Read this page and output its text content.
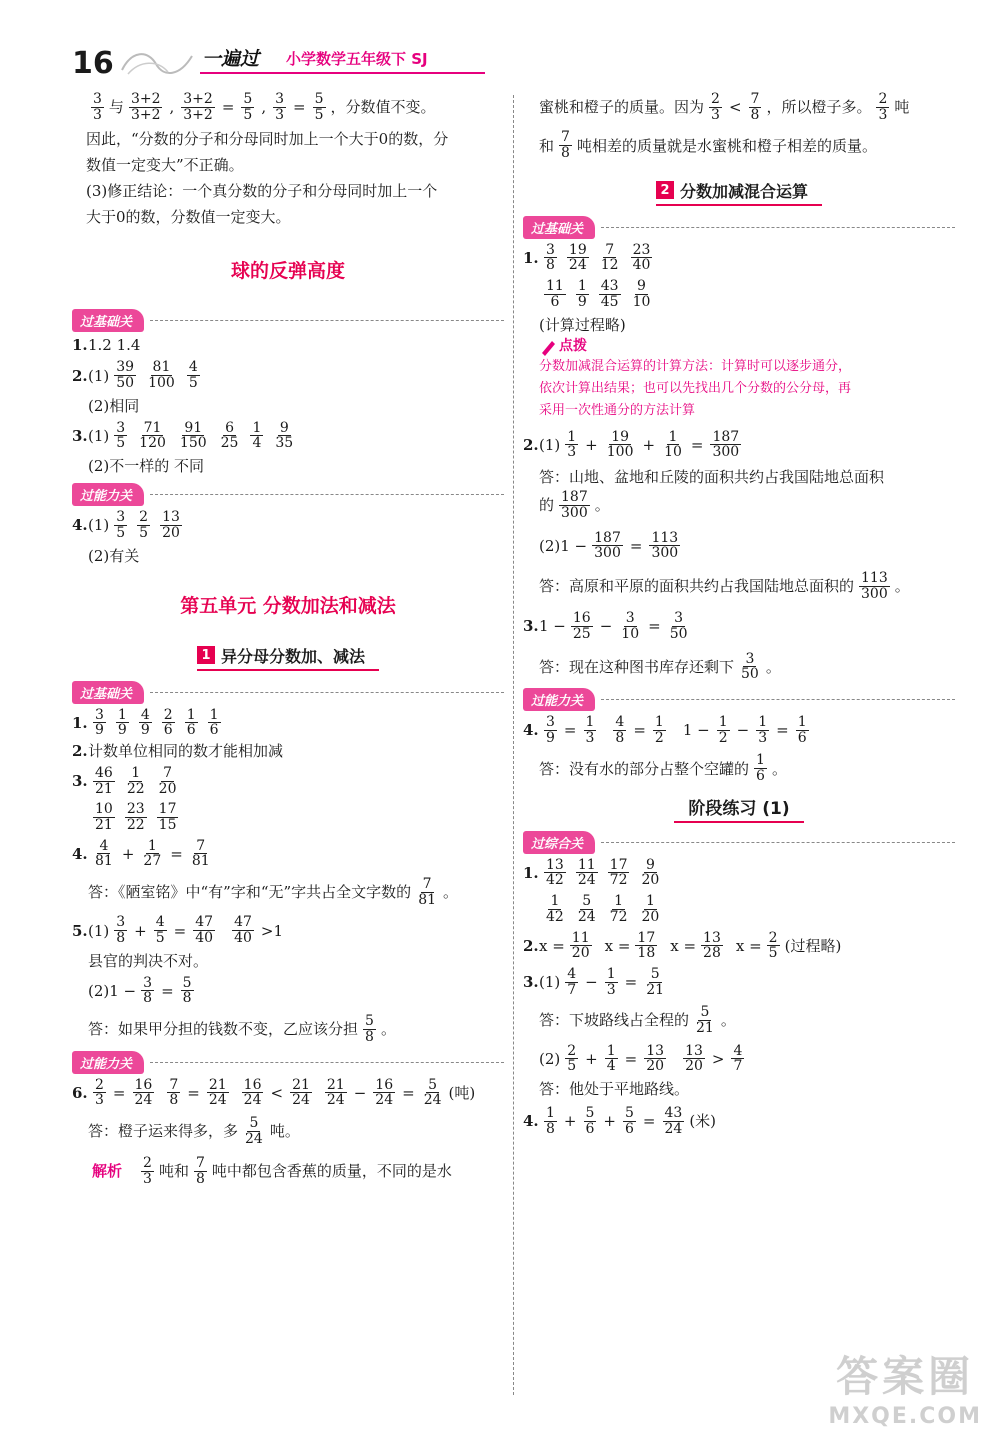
16	一遍过 小学数学五年级下 SJ
$\frac{3}{3}$ 与 $\frac{3+2}{3+2}$ , $\frac{3+2}{3+2} = \frac{5}{5}$ , $\frac{3}{3} = \frac{5}{5}$ ，分数值不变。
因此，“分数的分子和分母同时加上一个大于0的数，分
数值一定变大”不正确。
(3)修正结论：一个真分数的分子和分母同时加上一个
大于0的数，分数值一定变大。
球的反弹高度
过基础关
1. 1.2 1.4
2. $(1) \frac{39}{50} \frac{81}{100} \frac{4}{5}$
(2)相同
3. $(1) \frac{3}{5} \frac{71}{120} \frac{91}{150} \frac{6}{25} \frac{1}{4} \frac{9}{35}$
(2)不一样的 不同
过能力关
4. $(1) \frac{3}{5} \frac{2}{5} \frac{13}{20}$
(2)有关
第五单元 分数加法和减法
1 异分母分数加、减法
过基础关
1. $\frac{3}{9} \frac{1}{9} \frac{4}{9} \frac{2}{6} \frac{1}{6} \frac{1}{6}$
2. 计数单位相同的数才能相加减
3. $\frac{46}{21} \frac{1}{22} \frac{7}{20}$
$\frac{10}{21} \frac{23}{22} \frac{17}{15}$
4. $\frac{4}{81} + \frac{1}{27} = \frac{7}{81}$
答：《陋室铭》中“有”字和“无”字共占全文字数的 $\frac{7}{81}$ 。
5. $(1) \frac{3}{8} + \frac{4}{5} = \frac{47}{40} \frac{47}{40} >1$
县官的判决不对。
$(2)1 - \frac{3}{8} = \frac{5}{8}$
答：如果甲分担的钱数不变，乙应该分担 $\frac{5}{8}$ 。
过能力关
6. $\frac{2}{3} = \frac{16}{24} \frac{7}{8} = \frac{21}{24} \frac{16}{24} < \frac{21}{24} \frac{21}{24} - \frac{16}{24} = \frac{5}{24}$ (吨)
答：橙子运来得多，多 $\frac{5}{24}$ 吨。
解析 $\frac{2}{3}$ 吨和 $\frac{7}{8}$ 吨中都包含香蕉的质量，不同的是水
蜜桃和橙子的质量。因为 $\frac{2}{3} < \frac{7}{8}$ ，所以橙子多。 $\frac{2}{3}$ 吨
和 $\frac{7}{8}$ 吨相差的质量就是水蜜桃和橙子相差的质量。
2 分数加减混合运算
过基础关
1. $\frac{3}{8} \frac{19}{24} \frac{7}{12} \frac{23}{40}$
$\frac{11}{6} \frac{1}{9} \frac{43}{45} \frac{9}{10}$
(计算过程略)
点拨
分数加减混合运算的计算方法：计算时可以逐步通分，
依次计算出结果；也可以先找出几个分数的公分母，再
采用一次性通分的方法计算
2. $(1) \frac{1}{3} + \frac{19}{100} + \frac{1}{10} = \frac{187}{300}$
答：山地、盆地和丘陵的面积共约占我国陆地总面积
的 $\frac{187}{300}$ 。
$(2)1 - \frac{187}{300} = \frac{113}{300}$
答：高原和平原的面积共约占我国陆地总面积的 $\frac{113}{300}$ 。
3. $1 - \frac{16}{25} - \frac{3}{10} = \frac{3}{50}$
答：现在这种图书库存还剩下 $\frac{3}{50}$ 。
过能力关
4. $\frac{3}{9} = \frac{1}{3} \frac{4}{8} = \frac{1}{2} 1 - \frac{1}{2} - \frac{1}{3} = \frac{1}{6}$
答：没有水的部分占整个空罐的 $\frac{1}{6}$ 。
阶段练习 (1)
过综合关
1. $\frac{13}{42} \frac{11}{24} \frac{17}{72} \frac{9}{20}$
$\frac{1}{42} \frac{5}{24} \frac{1}{72} \frac{1}{20}$
2. $x = \frac{11}{20}$ $x = \frac{17}{18}$ $x = \frac{13}{28}$ $x = \frac{2}{5}$ (过程略)
3. $(1) \frac{4}{7} - \frac{1}{3} = \frac{5}{21}$
答：下坡路线占全程的 $\frac{5}{21}$ 。
$(2) \frac{2}{5} + \frac{1}{4} = \frac{13}{20} \frac{13}{20} > \frac{4}{7}$
答：他处于平地路线。
4. $\frac{1}{8} + \frac{5}{6} + \frac{5}{6} = \frac{43}{24}$ (米)
答案圈
MXQE.COM
